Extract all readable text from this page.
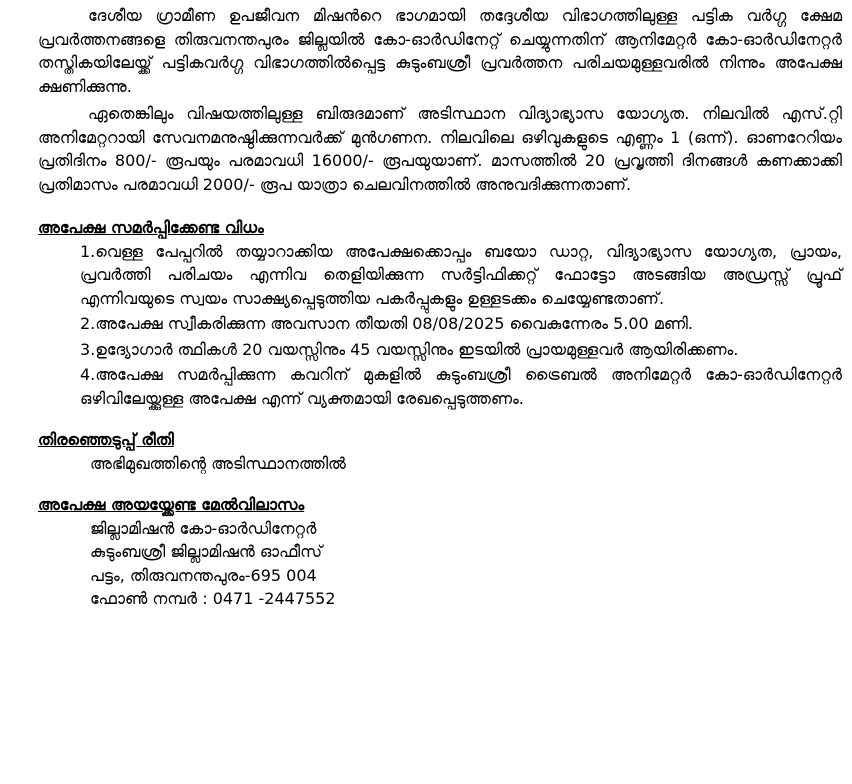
ദേശീയ ഗ്രാമീണ ഉപജീവന മിഷൻറെ ഭാഗമായി തദ്ദേശീയ വിഭാഗത്തിലുള്ള പട്ടിക വർഗ്ഗ ക്ഷേമ പ്രവർത്തനങ്ങളെ തിരുവനന്തപുരം ജില്ലയിൽ കോ-ഓർഡിനേറ്റ് ചെയ്യുന്നതിന് ആനിമേറ്റർ കോ-ഓർഡിനേറ്റർ തസ്തികയിലേയ്ക്ക് പട്ടികവർഗ്ഗ വിഭാഗത്തിൽപ്പെട്ട കുടുംബശ്രീ പ്രവർത്തന പരിചയമുള്ളവരിൽ നിന്നും അപേക്ഷ ക്ഷണിക്കുന്നു.

ഏതെങ്കിലും വിഷയത്തിലുള്ള ബിരുദമാണ് അടിസ്ഥാന വിദ്യാഭ്യാസ യോഗ്യത. നിലവിൽ എസ്.റ്റി അനിമേറ്ററായി സേവനമനുഷ്ഠിക്കുന്നവർക്ക് മുൻഗണന. നിലവിലെ ഒഴിവുകളുടെ എണ്ണം 1 (ഒന്ന്). ഓണറേറിയം പ്രതിദിനം 800/- രൂപയും പരമാവധി 16000/- രൂപയുയാണ്. മാസത്തിൽ 20 പ്രവൃത്തി ദിനങ്ങൾ കണക്കാക്കി പ്രതിമാസം പരമാവധി 2000/- രൂപ യാത്രാ ചെലവിനത്തിൽ അനുവദിക്കുന്നതാണ്.

അപേക്ഷ സമർപ്പിക്കേണ്ട വിധം
1.വെള്ള പേപ്പറിൽ തയ്യാറാക്കിയ അപേക്ഷക്കൊപ്പം ബയോ ഡാറ്റ, വിദ്യാഭ്യാസ യോഗ്യത, പ്രായം, പ്രവർത്തി പരിചയം എന്നിവ തെളിയിക്കുന്ന സർട്ടിഫിക്കറ്റ് ഫോട്ടോ അടങ്ങിയ അഡ്രസ്സ് പ്രൂഫ് എന്നിവയുടെ സ്വയം സാക്ഷ്യപ്പെടുത്തിയ പകർപ്പുകളും ഉള്ളടക്കം ചെയ്യേണ്ടതാണ്.
2.അപേക്ഷ സ്വീകരിക്കുന്ന അവസാന തീയതി 08/08/2025 വൈകുന്നേരം 5.00 മണി.
3.ഉദ്യോഗാർ ത്ഥികൾ 20 വയസ്സിനും 45 വയസ്സിനും ഇടയിൽ പ്രായമുള്ളവർ ആയിരിക്കണം.
4.അപേക്ഷ സമർപ്പിക്കുന്ന കവറിന് മുകളിൽ കുടുംബശ്രീ ട്രൈബൽ അനിമേറ്റർ കോ-ഓർഡിനേറ്റർ ഒഴിവിലേയ്ക്കുള്ള അപേക്ഷ എന്ന് വ്യക്തമായി രേഖപ്പെടുത്തണം.
തിരഞ്ഞെടുപ്പ് രീതി

അഭിമുഖത്തിന്റെ അടിസ്ഥാനത്തിൽ

അപേക്ഷ അയയ്ക്കേണ്ട മേൽവിലാസം
ജില്ലാമിഷൻ കോ-ഓർഡിനേറ്റർ
കുടുംബശ്രീ ജില്ലാമിഷൻ ഓഫീസ്
പട്ടം, തിരുവനന്തപുരം-695 004
ഫോൺ നമ്പർ : 0471 -2447552
